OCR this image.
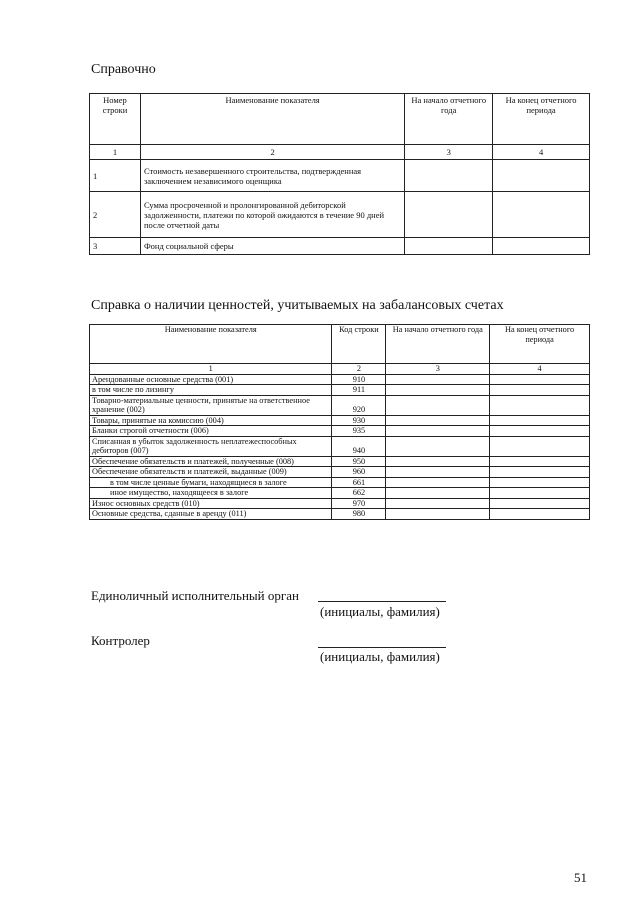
Справочно
Номер строки	Наименование показателя	На начало отчетного года	На конец отчетного периода
1	2	3	4
1	Стоимость незавершенного строительства, подтвержденная заключением независимого оценщика		
2	Сумма просроченной и пролонгированной дебиторской задолженности, платежи по которой ожидаются в течение 90 дней после отчетной даты		
3	Фонд социальной сферы		
Справка о наличии ценностей, учитываемых на забалансовых счетах
Наименование показателя	Код строки	На начало отчетного года	На конец отчетного периода
1	2	3	4
Арендованные основные средства (001)	910		
в том числе по лизингу	911		
Товарно-материальные ценности, принятые на ответственное хранение (002)	920		
Товары, принятые на комиссию (004)	930		
Бланки строгой отчетности (006)	935		
Списанная в убыток задолженность неплатежеспособных дебиторов (007)	940		
Обеспечение обязательств и платежей, полученные (008)	950		
Обеспечение обязательств и платежей, выданные (009)	960		
в том числе ценные бумаги, находящиеся в залоге	661		
иное имущество, находящееся в залоге	662		
Износ основных средств (010)	970		
Основные средства, сданные в аренду (011)	980		
Единоличный исполнительный орган
(инициалы, фамилия)
Контролер
(инициалы, фамилия)
51
